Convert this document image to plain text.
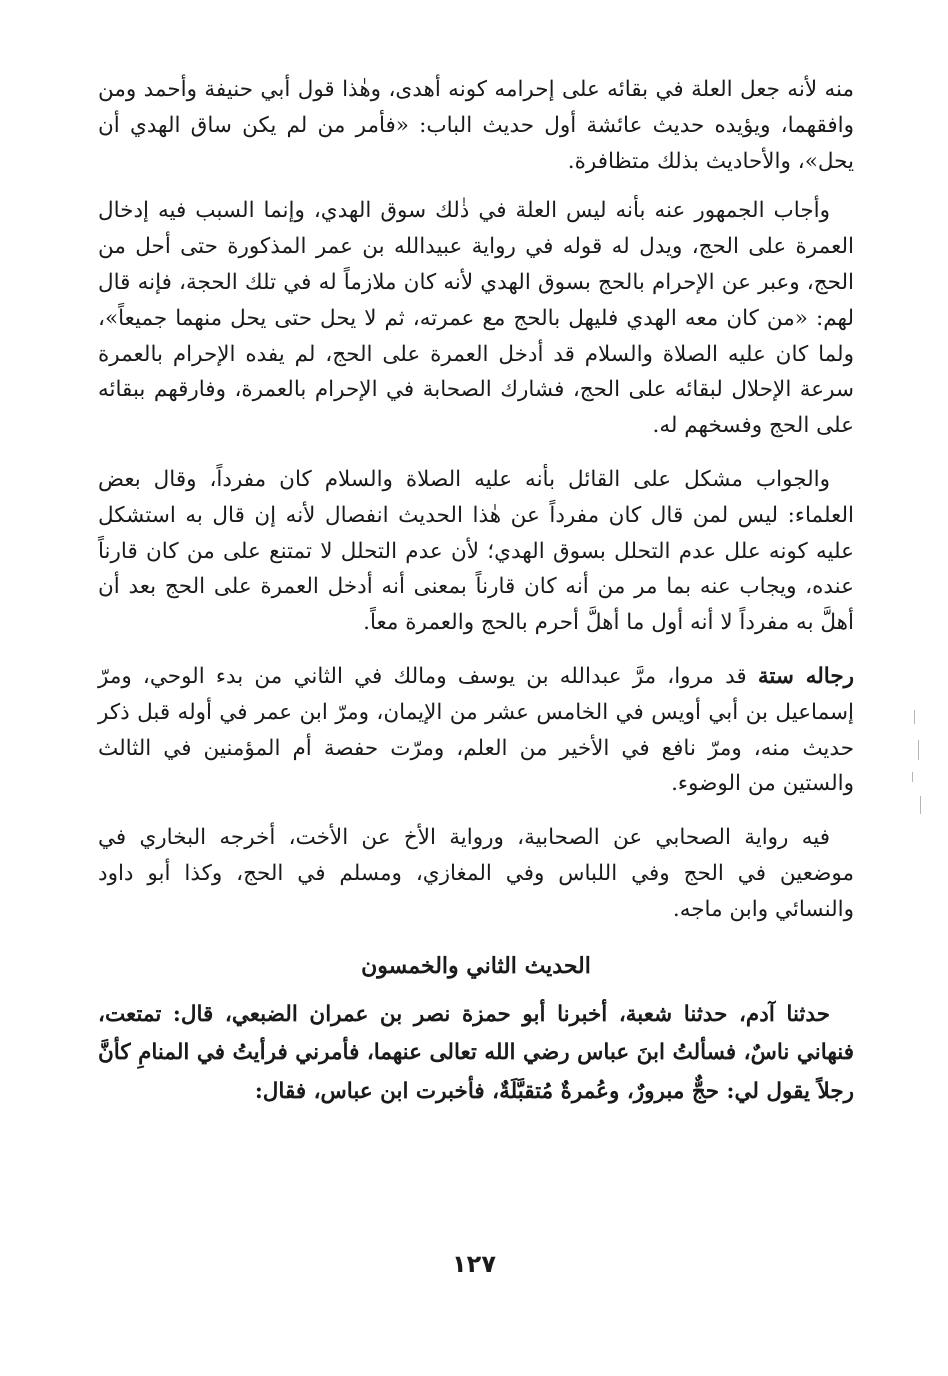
منه لأنه جعل العلة في بقائه على إحرامه كونه أهدى، وهٰذا قول أبي حنيفة وأحمد ومن وافقهما، ويؤيده حديث عائشة أول حديث الباب: «فأمر من لم يكن ساق الهدي أن يحل»، والأحاديث بذلك متظافرة.

وأجاب الجمهور عنه بأنه ليس العلة في ذٰلك سوق الهدي، وإنما السبب فيه إدخال العمرة على الحج، ويدل له قوله في رواية عبيدالله بن عمر المذكورة حتى أحل من الحج، وعبر عن الإحرام بالحج بسوق الهدي لأنه كان ملازماً له في تلك الحجة، فإنه قال لهم: «من كان معه الهدي فليهل بالحج مع عمرته، ثم لا يحل حتى يحل منهما جميعاً»، ولما كان عليه الصلاة والسلام قد أدخل العمرة على الحج، لم يفده الإحرام بالعمرة سرعة الإحلال لبقائه على الحج، فشارك الصحابة في الإحرام بالعمرة، وفارقهم ببقائه على الحج وفسخهم له.

والجواب مشكل على القائل بأنه عليه الصلاة والسلام كان مفرداً، وقال بعض العلماء: ليس لمن قال كان مفرداً عن هٰذا الحديث انفصال لأنه إن قال به استشكل عليه كونه علل عدم التحلل بسوق الهدي؛ لأن عدم التحلل لا تمتنع على من كان قارناً عنده، ويجاب عنه بما مر من أنه كان قارناً بمعنى أنه أدخل العمرة على الحج بعد أن أهلَّ به مفرداً لا أنه أول ما أهلَّ أحرم بالحج والعمرة معاً.

رجاله ستة قد مروا، مرَّ عبدالله بن يوسف ومالك في الثاني من بدء الوحي، ومرّ إسماعيل بن أبي أويس في الخامس عشر من الإيمان، ومرّ ابن عمر في أوله قبل ذكر حديث منه، ومرّ نافع في الأخير من العلم، ومرّت حفصة أم المؤمنين في الثالث والستين من الوضوء.

فيه رواية الصحابي عن الصحابية، ورواية الأخ عن الأخت، أخرجه البخاري في موضعين في الحج وفي اللباس وفي المغازي، ومسلم في الحج، وكذا أبو داود والنسائي وابن ماجه.

الحديث الثاني والخمسون

حدثنا آدم، حدثنا شعبة، أخبرنا أبو حمزة نصر بن عمران الضبعي، قال: تمتعت، فنهاني ناسٌ، فسألتُ ابنَ عباس رضي الله تعالى عنهما، فأمرني فرأيتُ في المنامِ كأنَّ رجلاً يقول لي: حجٌّ مبرورٌ، وعُمرةٌ مُتقبَّلَةٌ، فأخبرت ابن عباس، فقال:

١٢٧
